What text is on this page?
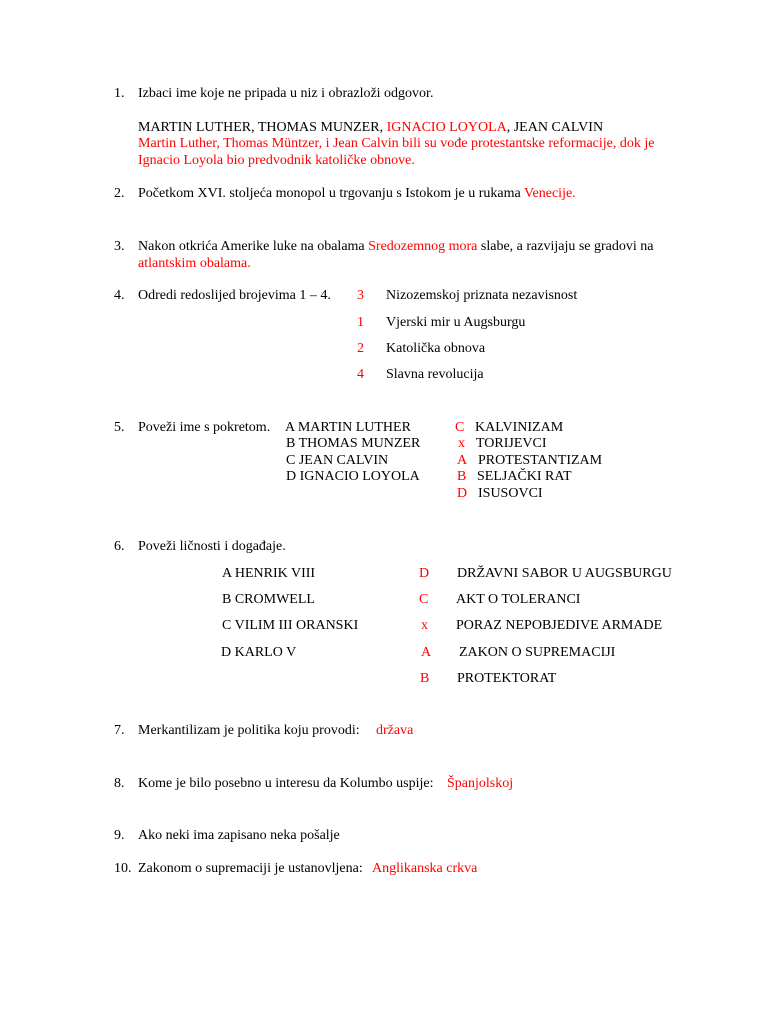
1. Izbaci ime koje ne pripada u niz i obrazloži odgovor.
MARTIN LUTHER, THOMAS MUNZER, IGNACIO LOYOLA, JEAN CALVIN
Martin Luther, Thomas Müntzer, i Jean Calvin bili su vođe protestantske reformacije, dok je Ignacio Loyola bio predvodnik katoličke obnove.
2. Početkom XVI. stoljeća monopol u trgovanju s Istokom je u rukama Venecije.
3. Nakon otkrića Amerike luke na obalama Sredozemnog mora slabe, a razvijaju se gradovi na atlantskim obalama.
4. Odredi redoslijed brojevima 1 – 4. 3 Nizozemskoj priznata nezavisnost
1 Vjerski mir u Augsburgu
2 Katolička obnova
4 Slavna revolucija
5. Poveži ime s pokretom. A MARTIN LUTHER
B THOMAS MUNZER
C JEAN CALVIN
D IGNACIO LOYOLA
C KALVINIZAM
x TORIJEVCI
A PROTESTANTIZAM
B SELJAČKI RAT
D ISUSOVCI
6. Poveži ličnosti i događaje.
A HENRIK VIII
B CROMWELL
C VILIM III ORANSKI
D KARLO V
D DRŽAVNI SABOR U AUGSBURGU
C AKT O TOLERANCI
x PORAZ NEPOBJEDIVE ARMADE
A ZAKON O SUPREMACIJI
B PROTEKTORAT
7. Merkantilizam je politika koju provodi: država
8. Kome je bilo posebno u interesu da Kolumbo uspije: Španjolskoj
9. Ako neki ima zapisano neka pošalje
10. Zakonom o supremaciji je ustanovljena: Anglikanska crkva
